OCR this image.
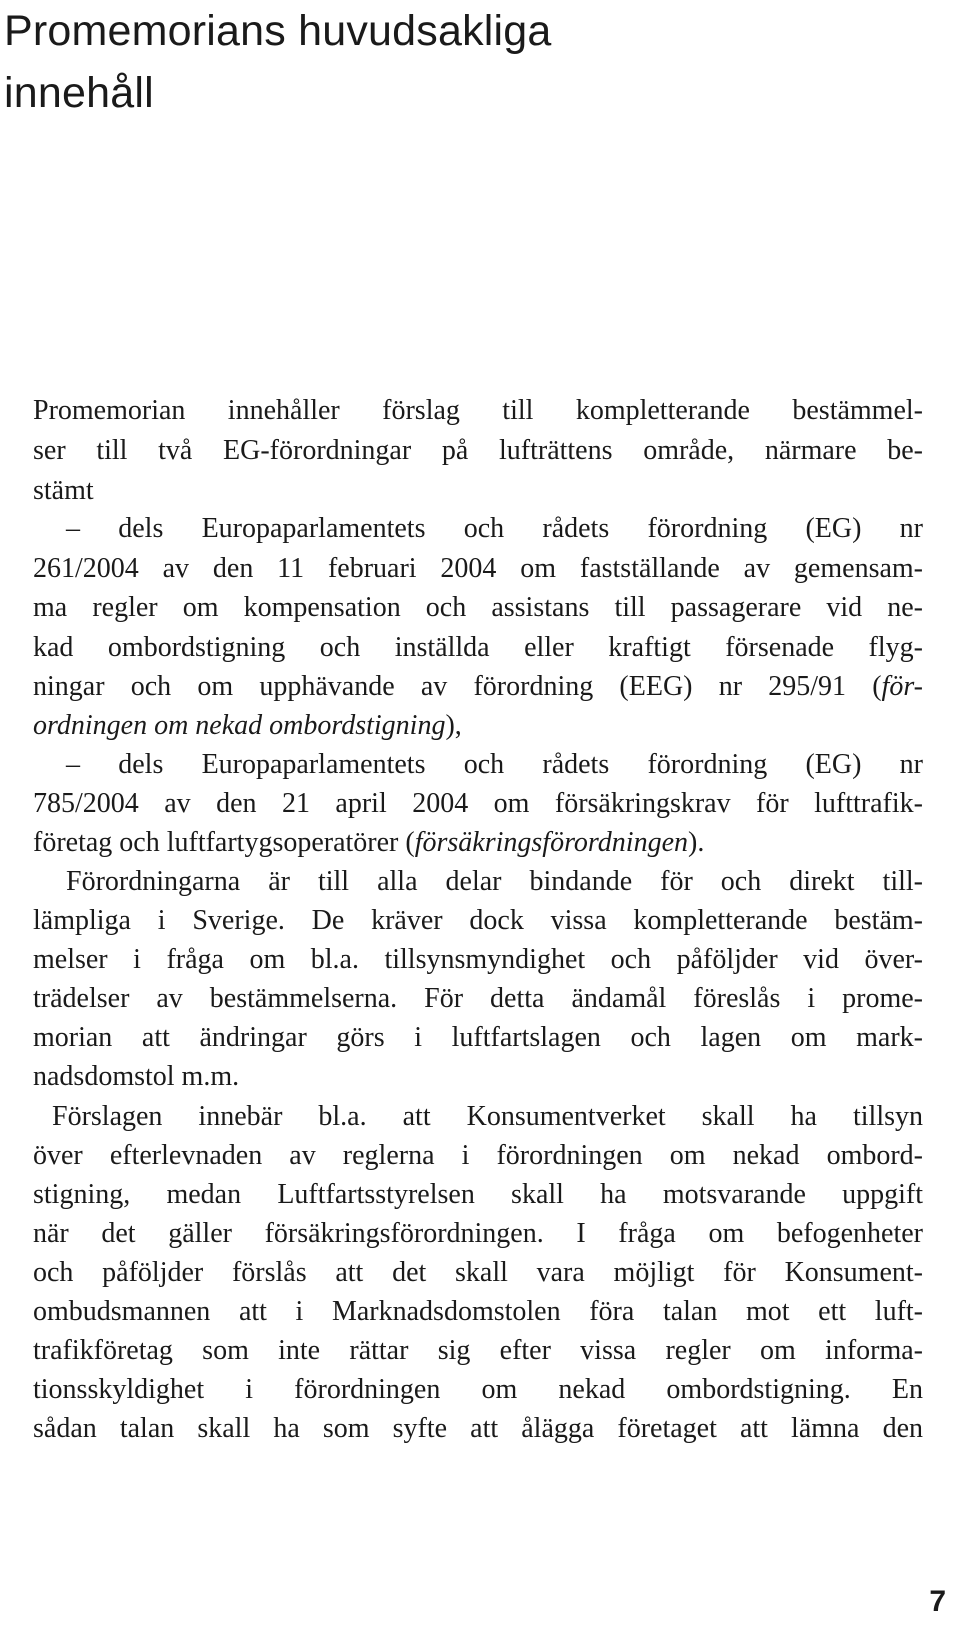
Promemorians huvudsakliga
innehåll
Promemorian innehåller förslag till kompletterande bestämmel-
ser till två EG-förordningar på lufträttens område, närmare be-
stämt
– dels Europaparlamentets och rådets förordning (EG) nr
261/2004 av den 11 februari 2004 om fastställande av gemensam-
ma regler om kompensation och assistans till passagerare vid ne-
kad ombordstigning och inställda eller kraftigt försenade flyg-
ningar och om upphävande av förordning (EEG) nr 295/91 (för-
ordningen om nekad ombordstigning),
– dels Europaparlamentets och rådets förordning (EG) nr
785/2004 av den 21 april 2004 om försäkringskrav för lufttrafik-
företag och luftfartygsoperatörer (försäkringsförordningen).
Förordningarna är till alla delar bindande för och direkt till-
lämpliga i Sverige. De kräver dock vissa kompletterande bestäm-
melser i fråga om bl.a. tillsynsmyndighet och påföljder vid över-
trädelser av bestämmelserna. För detta ändamål föreslås i prome-
morian att ändringar görs i luftfartslagen och lagen om mark-
nadsdomstol m.m.
Förslagen innebär bl.a. att Konsumentverket skall ha tillsyn
över efterlevnaden av reglerna i förordningen om nekad ombord-
stigning, medan Luftfartsstyrelsen skall ha motsvarande uppgift
när det gäller försäkringsförordningen. I fråga om befogenheter
och påföljder förslås att det skall vara möjligt för Konsument-
ombudsmannen att i Marknadsdomstolen föra talan mot ett luft-
trafikföretag som inte rättar sig efter vissa regler om informa-
tionsskyldighet i förordningen om nekad ombordstigning. En
sådan talan skall ha som syfte att ålägga företaget att lämna den
7
